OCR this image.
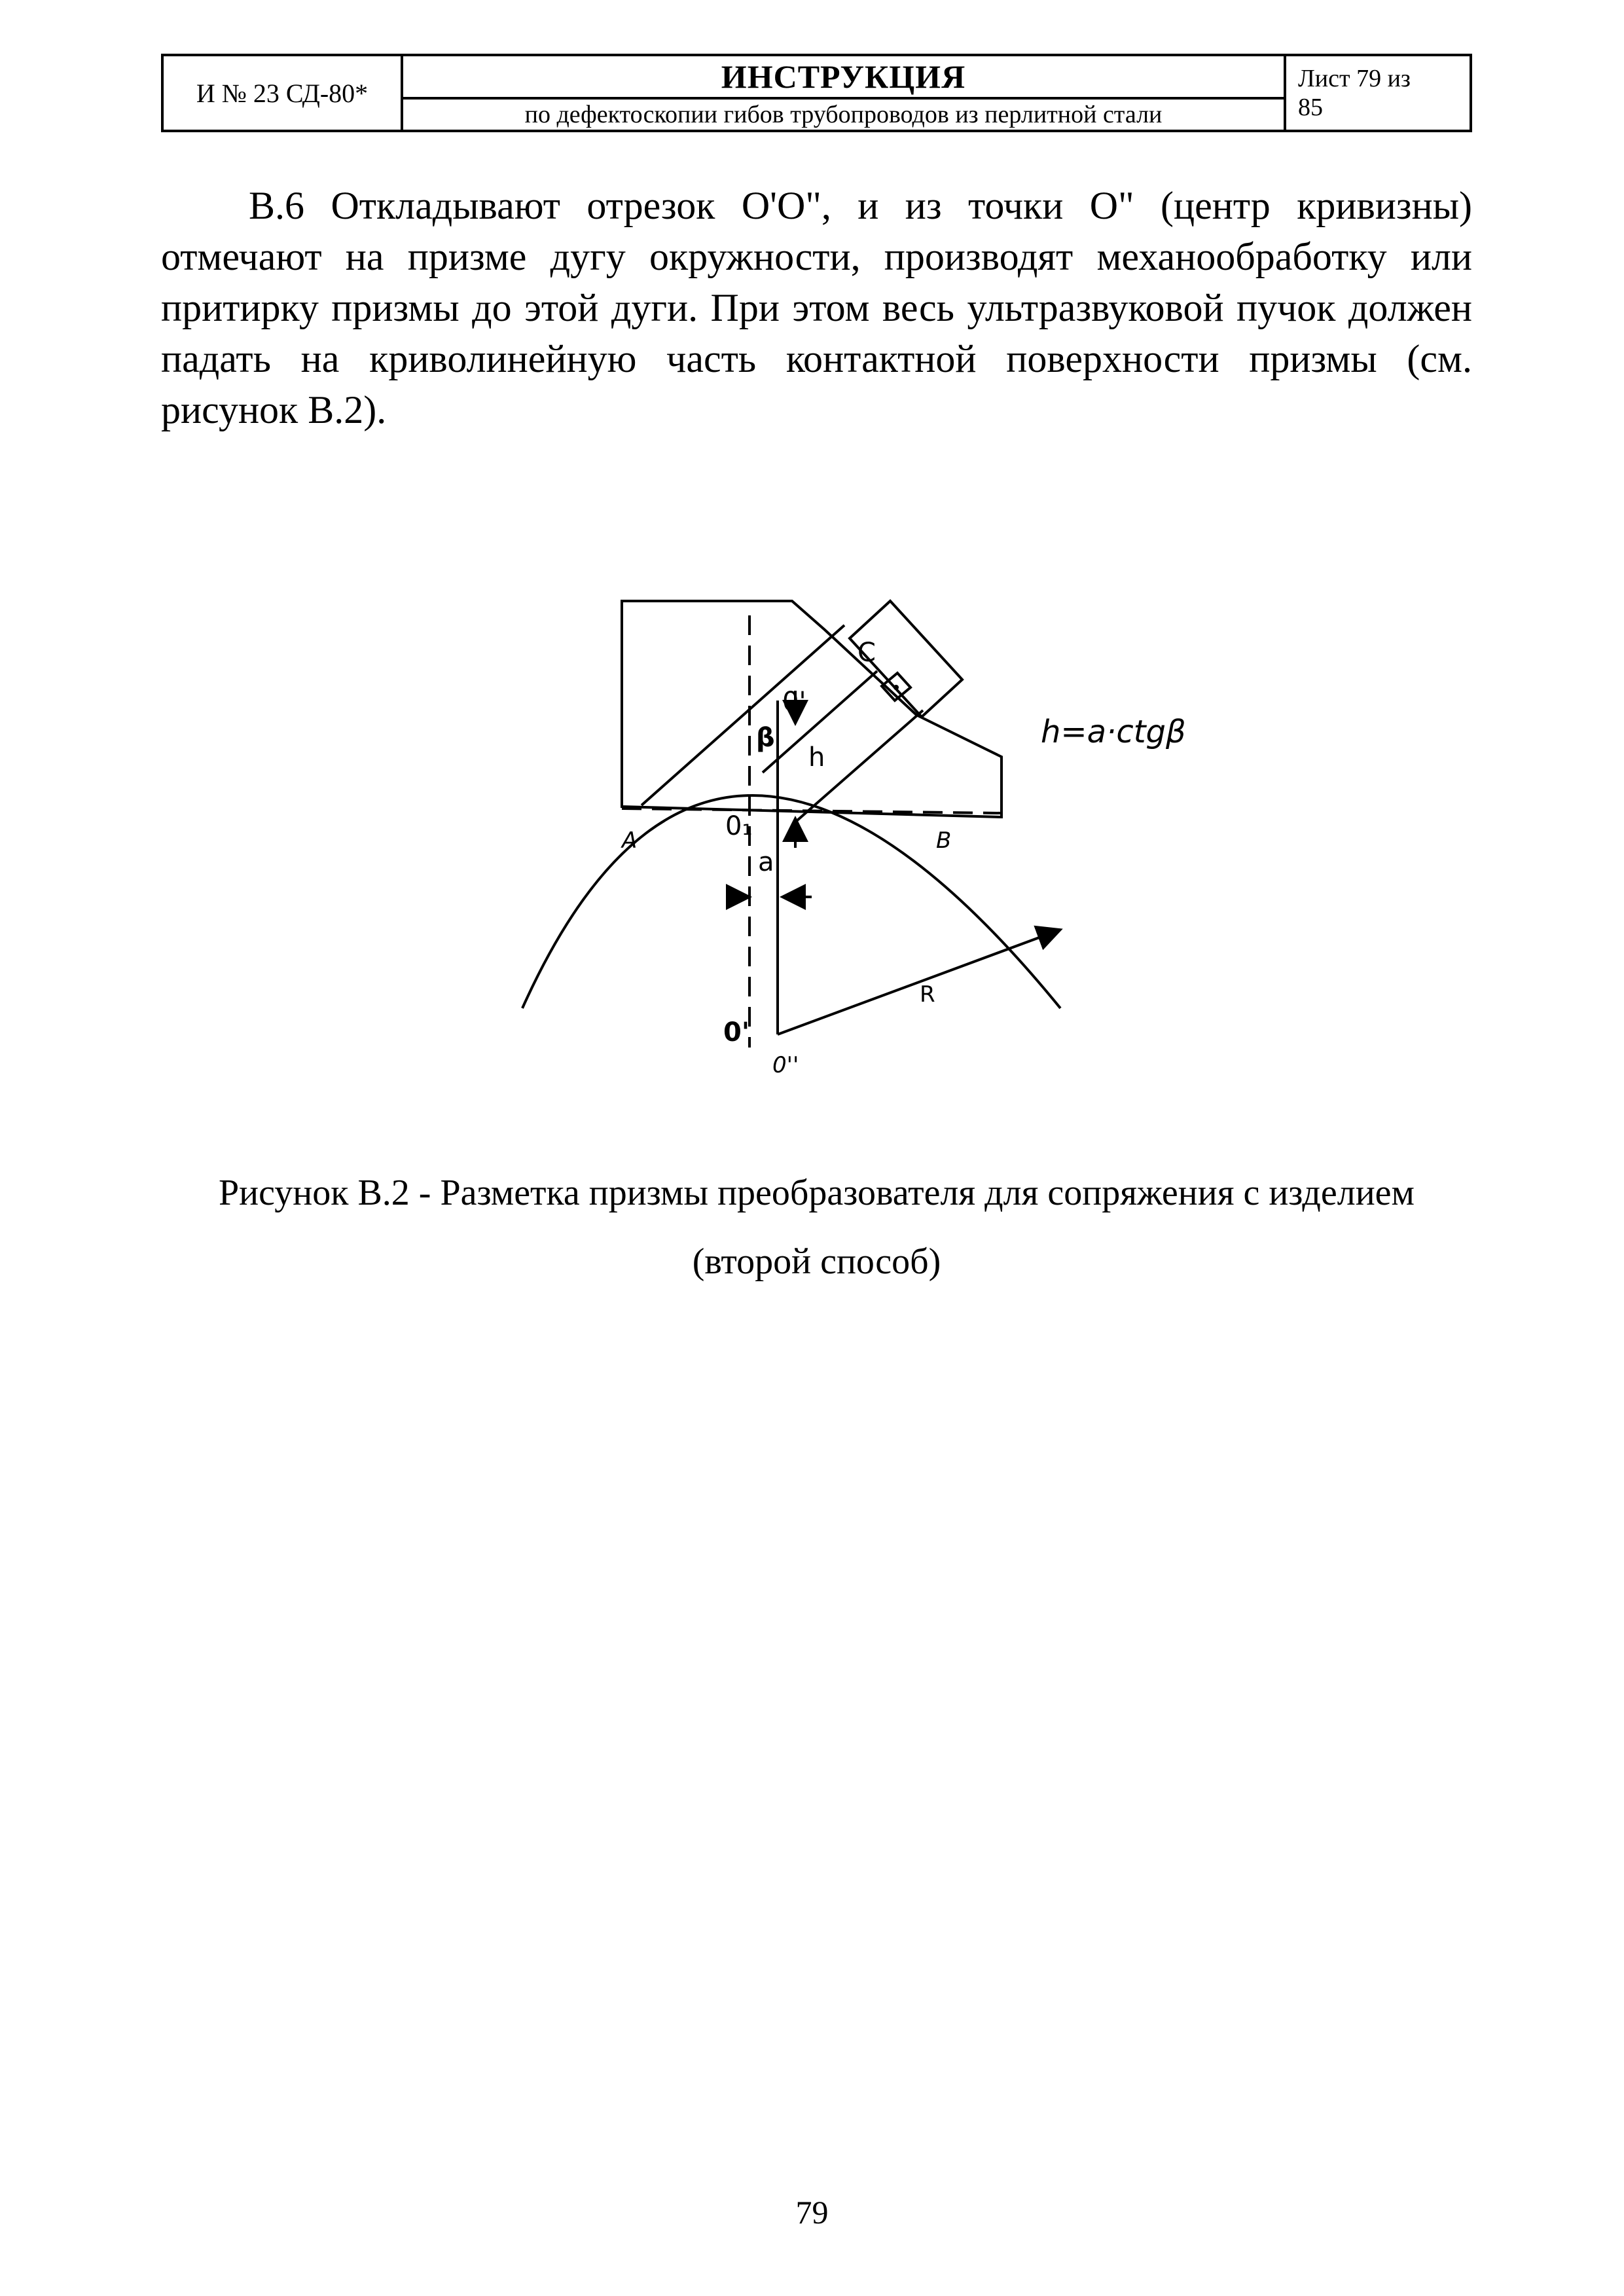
И № 23 СД-80*	ИНСТРУКЦИЯ
по дефектоскопии гибов трубопроводов из перлитной стали
Лист 79 из
85

В.6 Откладывают отрезок О'О", и из точки О" (центр кривизны) отмечают на призме дугу окружности, производят механообработку или притирку призмы до этой дуги. При этом весь ультразвуковой пучок должен падать на криволинейную часть контактной поверхности призмы (см. рисунок В.2).

C
0'
β
h
0₁
a
A	B
R
0'
0''
h=a·ctgβ

Рисунок В.2 - Разметка призмы преобразователя для сопряжения с изделием

(второй способ)

79
